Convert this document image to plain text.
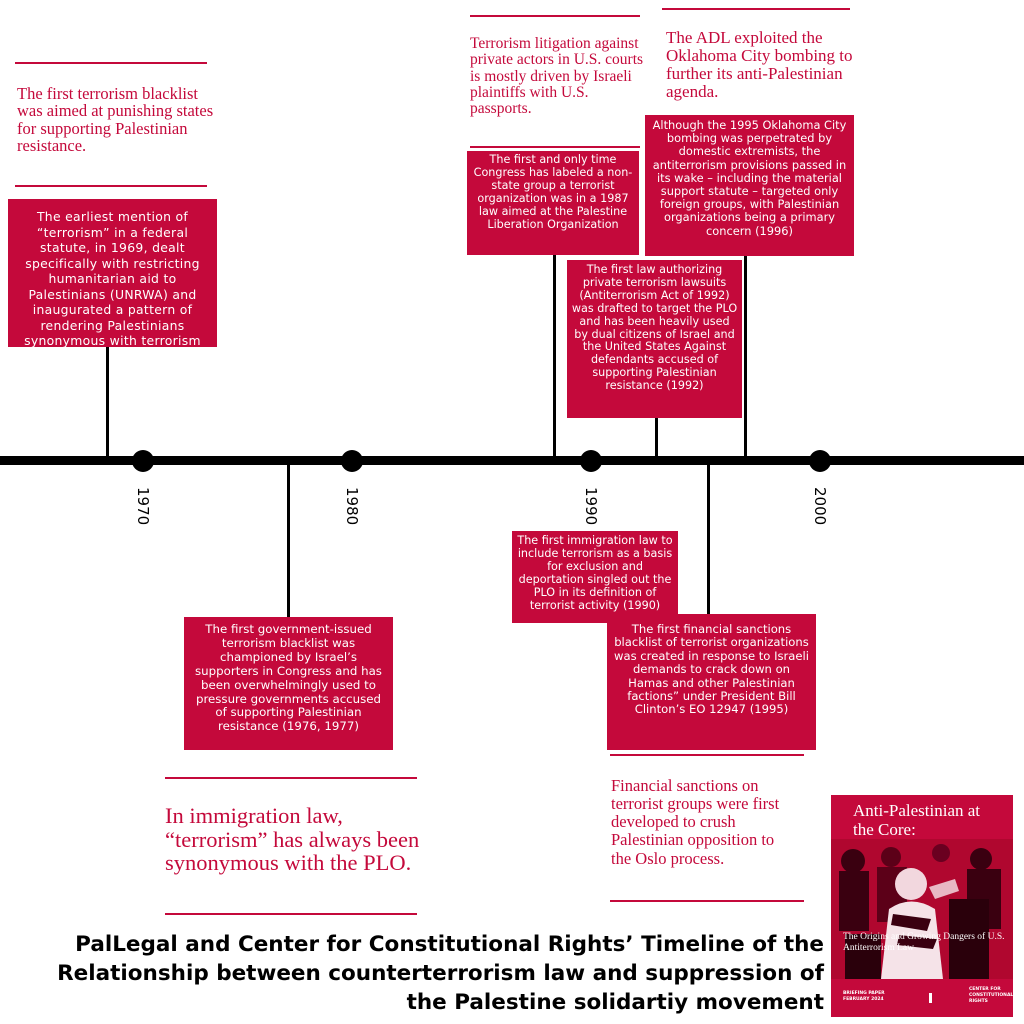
1970	1980	1990	2000
The earliest mention of “terrorism” in a federal statute, in 1969, dealt specifically with restricting humanitarian aid to Palestinians (UNRWA) and inaugurated a pattern of rendering Palestinians synonymous with terrorism
The first government-issued terrorism blacklist was championed by Israel’s supporters in Congress and has been overwhelmingly used to pressure governments accused of supporting Palestinian resistance (1976, 1977)
The first and only time Congress has labeled a non-state group a terrorist organization was in a 1987 law aimed at the Palestine Liberation Organization
The first immigration law to include terrorism as a basis for exclusion and deportation singled out the PLO in its definition of terrorist activity (1990)
The first law authorizing private terrorism lawsuits (Antiterrorism Act of 1992) was drafted to target the PLO and has been heavily used by dual citizens of Israel and the United States Against defendants accused of supporting Palestinian resistance (1992)
The first financial sanctions blacklist of terrorist organizations was created in response to Israeli demands to crack down on Hamas and other Palestinian factions” under President Bill Clinton’s EO 12947 (1995)
Although the 1995 Oklahoma City bombing was perpetrated by domestic extremists, the antiterrorism provisions passed in its wake – including the material support statute – targeted only foreign groups, with Palestinian organizations being a primary concern (1996)
The first terrorism blacklist was aimed at punishing states for supporting Palestinian resistance.
Terrorism litigation against private actors in U.S. courts is mostly driven by Israeli plaintiffs with U.S. passports.
The ADL exploited the Oklahoma City bombing to further its anti-Palestinian agenda.
In immigration law, “terrorism” has always been synonymous with the PLO.
Financial sanctions on terrorist groups were first developed to crush Palestinian opposition to the Oslo process.
PalLegal and Center for Constitutional Rights’ Timeline of the Relationship between counterterrorism law and suppression of the Palestine solidartiy movement
Anti-Palestinian at the Core:
The Origins and Growing Dangers of U.S. Antiterrorism Law
BRIEFING PAPER FEBRUARY 2024
CENTER FOR CONSTITUTIONAL RIGHTS
